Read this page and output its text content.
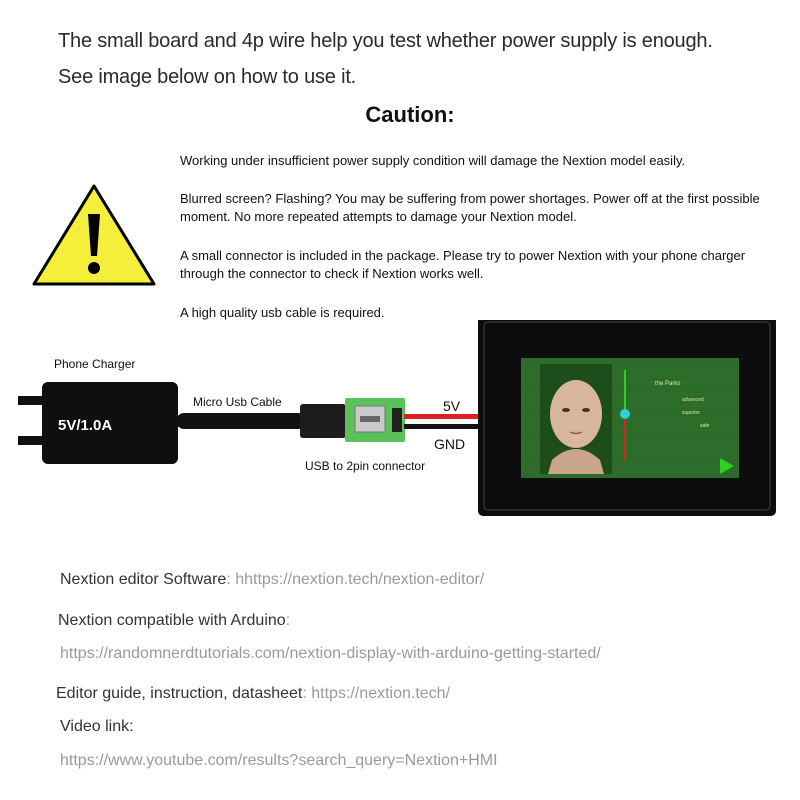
The small board and 4p wire help you test whether power supply is enough.
See image below on how to use it.
Caution:
Working under insufficient power supply condition will damage the Nextion model easily.
Blurred screen? Flashing? You may be suffering from power shortages. Power off at the first possible moment. No more repeated attempts to damage your Nextion model.
A small connector is included in the package. Please try to power Nextion with your phone charger through the connector to check if Nextion works well.
A high quality usb cable is required.
Phone Charger
5V/1.0A
Micro Usb Cable
USB to 2pin connector
5V
GND
the Parks
advanced
superior
safe
Nextion editor Software: hhttps://nextion.tech/nextion-editor/
Nextion compatible with Arduino:
https://randomnerdtutorials.com/nextion-display-with-arduino-getting-started/
Editor guide, instruction, datasheet: https://nextion.tech/
Video link:
https://www.youtube.com/results?search_query=Nextion+HMI
